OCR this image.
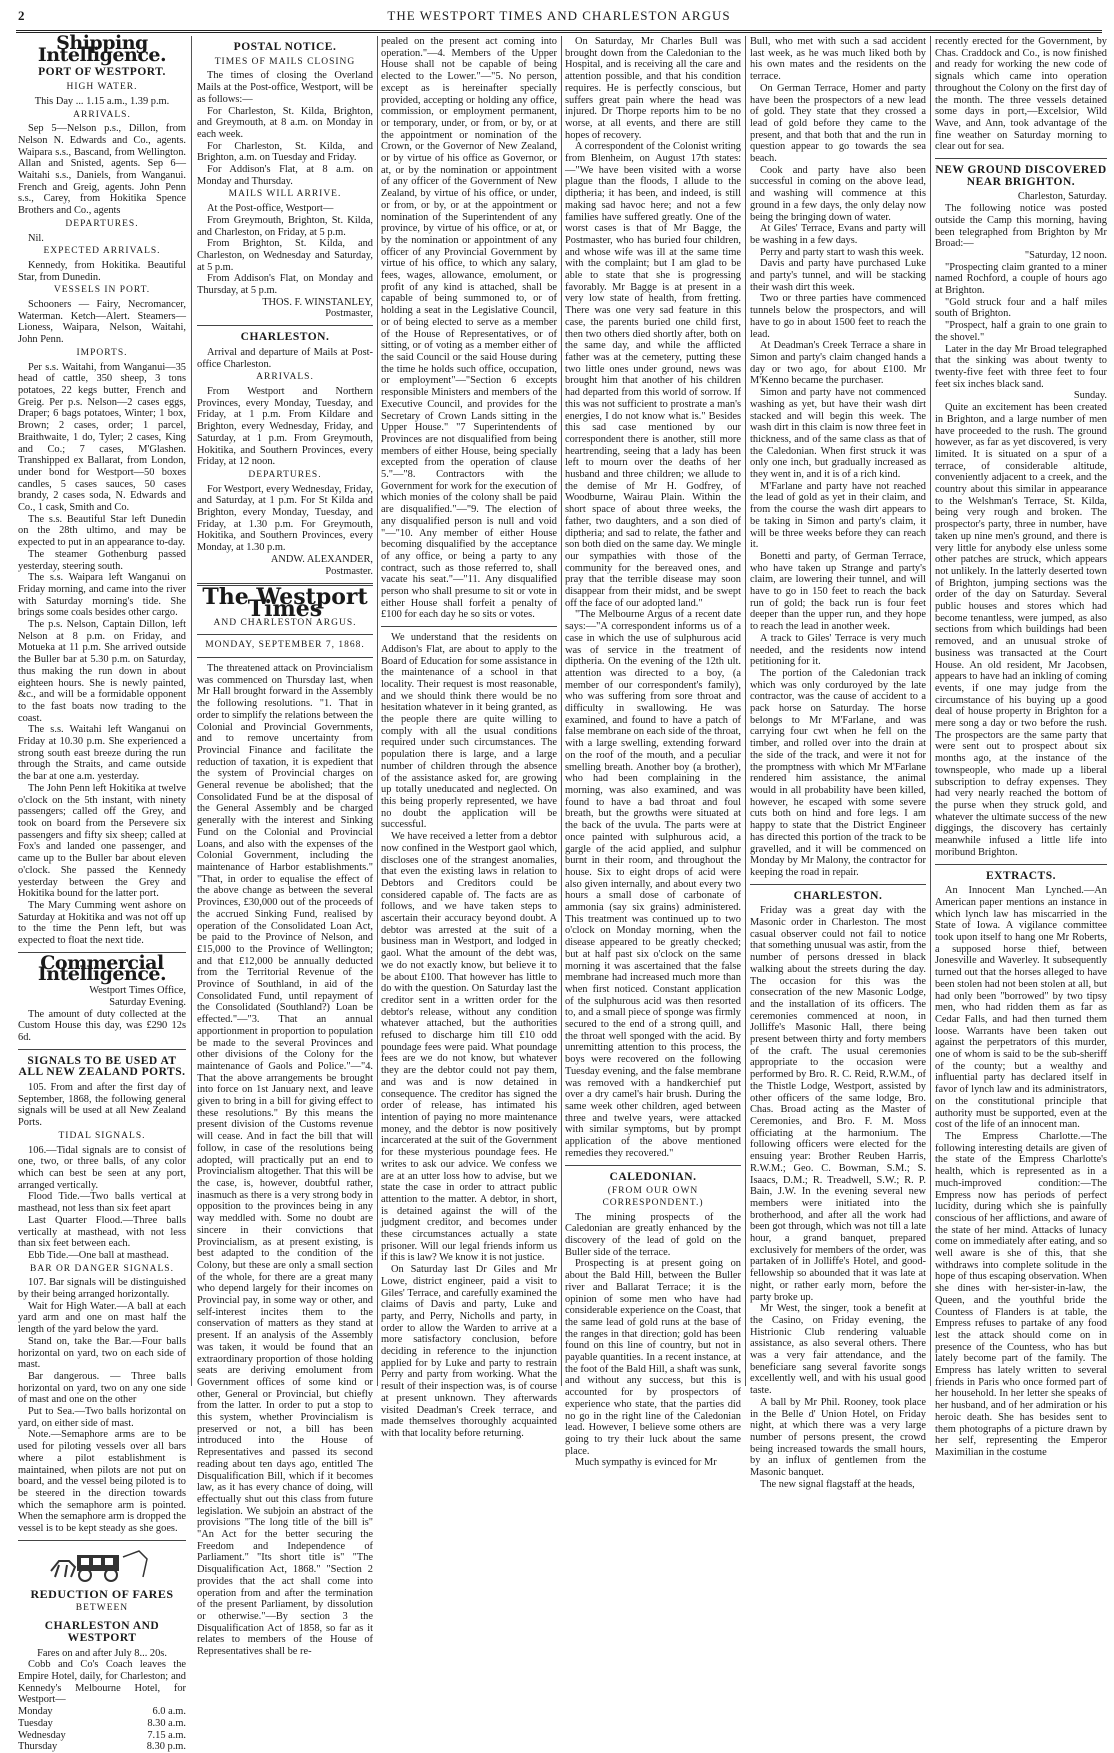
2	THE WESTPORT TIMES AND CHARLESTON ARGUS
Shipping Intelligence.
PORT OF WESTPORT.
HIGH WATER.

This Day ... 1.15 a.m., 1.39 p.m.

ARRIVALS.

Sep 5—Nelson p.s., Dillon, from Nelson N. Edwards and Co., agents. Waipara s.s., Bascand, from Wellington. Allan and Snisted, agents. Sep 6—Waitahi s.s., Daniels, from Wanganui. French and Greig, agents. John Penn s.s., Carey, from Hokitika Spence Brothers and Co., agents

DEPARTURES.

Nil.

EXPECTED ARRIVALS.

Kennedy, from Hokitika. Beautiful Star, from Dunedin.

VESSELS IN PORT.

Schooners — Fairy, Necromancer, Waterman. Ketch—Alert. Steamers—Lioness, Waipara, Nelson, Waitahi, John Penn.

IMPORTS.

Per s.s. Waitahi, from Wanganui—35 head of cattle, 350 sheep, 3 tons potatoes, 22 kegs butter, French and Greig. Per p.s. Nelson—2 cases eggs, Draper; 6 bags potatoes, Winter; 1 box, Brown; 2 cases, order; 1 parcel, Braithwaite, 1 do, Tyler; 2 cases, King and Co.; 7 cases, M'Glashen. Transhipped ex Ballarat, from London, under bond for Westport—50 boxes candles, 5 cases sauces, 50 cases brandy, 2 cases soda, N. Edwards and Co., 1 cask, Smith and Co.

The s.s. Beautiful Star left Dunedin on the 28th ultimo, and may be expected to put in an appearance to-day.

The steamer Gothenburg passed yesterday, steering south.

The s.s. Waipara left Wanganui on Friday morning, and came into the river with Saturday morning's tide. She brings some coals besides other cargo.

The p.s. Nelson, Captain Dillon, left Nelson at 8 p.m. on Friday, and Motueka at 11 p.m. She arrived outside the Buller bar at 5.30 p.m. on Saturday, thus making the run down in about eighteen hours. She is newly painted, &c., and will be a formidable opponent to the fast boats now trading to the coast.

The s.s. Waitahi left Wanganui on Friday at 10.30 p.m. She experienced a strong south east breeze during the run through the Straits, and came outside the bar at one a.m. yesterday.

The John Penn left Hokitika at twelve o'clock on the 5th instant, with ninety passengers; called off the Grey, and took on board from the Persevere six passengers and fifty six sheep; called at Fox's and landed one passenger, and came up to the Buller bar about eleven o'clock. She passed the Kennedy yesterday between the Grey and Hokitika bound for the latter port.

The Mary Cumming went ashore on Saturday at Hokitika and was not off up to the time the Penn left, but was expected to float the next tide.

Commercial Intelligence.

Westport Times Office,

Saturday Evening.

The amount of duty collected at the Custom House this day, was £290 12s 6d.

SIGNALS TO BE USED AT ALL NEW ZEALAND PORTS.

105. From and after the first day of September, 1868, the following general signals will be used at all New Zealand Ports.

TIDAL SIGNALS.

106.—Tidal signals are to consist of one, two, or three balls, of any color which can best be seen at any port, arranged vertically.

Flood Tide.—Two balls vertical at masthead, not less than six feet apart

Last Quarter Flood.—Three balls vertically at masthead, with not less than six feet between each.

Ebb Tide.—One ball at masthead.

BAR OR DANGER SIGNALS.

107. Bar signals will be distinguished by their being arranged horizontally.

Wait for High Water.—A ball at each yard arm and one on mast half the length of the yard below the yard.

Stand on, take the Bar.—Four balls horizontal on yard, two on each side of mast.

Bar dangerous. — Three balls horizontal on yard, two on any one side of mast and one on the other

Put to Sea.—Two balls horizontal on yard, on either side of mast.

Note.—Semaphore arms are to be used for piloting vessels over all bars where a pilot establishment is maintained, when pilots are not put on board, and the vessel being piloted is to be steered in the direction towards which the semaphore arm is pointed. When the semaphore arm is dropped the vessel is to be kept steady as she goes.

REDUCTION OF FARES
BETWEEN
CHARLESTON AND WESTPORT

Fares on and after July 8... 20s.

Cobb and Co's Coach leaves the Empire Hotel, daily, for Charleston; and Kennedy's Melbourne Hotel, for Westport—

Monday	6.0 a.m.
Tuesday	8.30 a.m.
Wednesday	7.15 a.m.
Thursday	8.30 p.m.
POSTAL NOTICE.
TIMES OF MAILS CLOSING

The times of closing the Overland Mails at the Post-office, Westport, will be as follows:—

For Charleston, St. Kilda, Brighton, and Greymouth, at 8 a.m. on Monday in each week.

For Charleston, St. Kilda, and Brighton, a.m. on Tuesday and Friday.

For Addison's Flat, at 8 a.m. on Monday and Thursday.

MAILS WILL ARRIVE.

At the Post-office, Westport—

From Greymouth, Brighton, St. Kilda, and Charleston, on Friday, at 5 p.m.

From Brighton, St. Kilda, and Charleston, on Wednesday and Saturday, at 5 p.m.

From Addison's Flat, on Monday and Thursday, at 5 p.m.

THOS. F. WINSTANLEY,

Postmaster,

CHARLESTON.

Arrival and departure of Mails at Post-office Charleston.

ARRIVALS.

From Westport and Northern Provinces, every Monday, Tuesday, and Friday, at 1 p.m. From Kildare and Brighton, every Wednesday, Friday, and Saturday, at 1 p.m. From Greymouth, Hokitika, and Southern Provinces, every Friday, at 12 noon.

DEPARTURES.

For Westport, every Wednesday, Friday, and Saturday, at 1 p.m. For St Kilda and Brighton, every Monday, Tuesday, and Friday, at 1.30 p.m. For Greymouth, Hokitika, and Southern Provinces, every Monday, at 1.30 p.m.

ANDW. ALEXANDER,

Postmaster.

The Westport Times
AND CHARLESTON ARGUS.
MONDAY, SEPTEMBER 7, 1868.

The threatened attack on Provincialism was commenced on Thursday last, when Mr Hall brought forward in the Assembly the following resolutions. "1. That in order to simplify the relations between the Colonial and Provincial Governments, and to remove uncertainty from Provincial Finance and facilitate the reduction of taxation, it is expedient that the system of Provincial charges on General revenue be abolished; that the Consolidated Fund be at the disposal of the General Assembly and be charged generally with the interest and Sinking Fund on the Colonial and Provincial Loans, and also with the expenses of the Colonial Government, including the maintenance of Harbor establishments." "That, in order to equalise the effect of the above change as between the several Provinces, £30,000 out of the proceeds of the accrued Sinking Fund, realised by operation of the Consolidated Loan Act, be paid to the Province of Nelson, and £15,000 to the Province of Wellington; and that £12,000 be annually deducted from the Territorial Revenue of the Province of Southland, in aid of the Consolidated Fund, until repayment of the Consolidated (Southland?) Loan be effected."—"3. That an annual apportionment in proportion to population be made to the several Provinces and other divisions of the Colony for the maintenance of Gaols and Police."—"4. That the above arrangements be brought into force on 1st January next, and leave given to bring in a bill for giving effect to these resolutions." By this means the present division of the Customs revenue will cease. And in fact the bill that will follow, in case of the resolutions being adopted, will practically put an end to Provincialism altogether. That this will be the case, is, however, doubtful rather, inasmuch as there is a very strong body in opposition to the provinces being in any way meddled with. Some no doubt are sincere in their convictions that Provincialism, as at present existing, is best adapted to the condition of the Colony, but these are only a small section of the whole, for there are a great many who depend largely for their incomes on Provincial pay, in some way or other, and self-interest incites them to the conservation of matters as they stand at present. If an analysis of the Assembly was taken, it would be found that an extraordinary proportion of those holding seats are deriving emolument from Government offices of some kind or other, General or Provincial, but chiefly from the latter. In order to put a stop to this system, whether Provincialism is preserved or not, a bill has been introduced into the House of Representatives and passed its second reading about ten days ago, entitled The Disqualification Bill, which if it becomes law, as it has every chance of doing, will effectually shut out this class from future legislation. We subjoin an abstract of the provisions "The long title of the bill is" "An Act for the better securing the Freedom and Independence of Parliament." "Its short title is" "The Disqualification Act, 1868." "Section 2 provides that the act shall come into operation from and after the termination of the present Parliament, by dissolution or otherwise."—By section 3 the Disqualification Act of 1858, so far as it relates to members of the House of Representatives shall be re-

pealed on the present act coming into operation."—4. Members of the Upper House shall not be capable of being elected to the Lower."—"5. No person, except as is hereinafter specially provided, accepting or holding any office, commission, or employment permanent, or temporary, under, or from, or by, or at the appointment or nomination of the Crown, or the Governor of New Zealand, or by virtue of his office as Governor, or at, or by the nomination or appointment of any officer of the Government of New Zealand, by virtue of his office, or under, or from, or by, or at the appointment or nomination of the Superintendent of any province, by virtue of his office, or at, or by the nomination or appointment of any officer of any Provincial Government by virtue of his office, to which any salary, fees, wages, allowance, emolument, or profit of any kind is attached, shall be capable of being summoned to, or of holding a seat in the Legislative Council, or of being elected to serve as a member of the House of Representatives, or of sitting, or of voting as a member either of the said Council or the said House during the time he holds such office, occupation, or employment"—"Section 6 excepts responsible Ministers and members of the Executive Council, and provides for the Secretary of Crown Lands sitting in the Upper House." "7 Superintendents of Provinces are not disqualified from being members of either House, being specially excepted from the operation of clause 5."—"8. Contractors with the Government for work for the execution of which monies of the colony shall be paid are disqualified."—"9. The election of any disqualified person is null and void "—"10. Any member of either House becoming disqualified by the acceptance of any office, or being a party to any contract, such as those referred to, shall vacate his seat."—"11. Any disqualified person who shall presume to sit or vote in either House shall forfeit a penalty of £100 for each day he so sits or votes.

We understand that the residents on Addison's Flat, are about to apply to the Board of Education for some assistance in the maintenance of a school in that locality. Their request is most reasonable, and we should think there would be no hesitation whatever in it being granted, as the people there are quite willing to comply with all the usual conditions required under such circumstances. The population there is large, and a large number of children through the absence of the assistance asked for, are growing up totally uneducated and neglected. On this being properly represented, we have no doubt the application will be successful.

We have received a letter from a debtor now confined in the Westport gaol which, discloses one of the strangest anomalies, that even the existing laws in relation to Debtors and Creditors could be considered capable of. The facts are as follows, and we have taken steps to ascertain their accuracy beyond doubt. A debtor was arrested at the suit of a business man in Westport, and lodged in gaol. What the amount of the debt was, we do not exactly know, but believe it to be about £100. That however has little to do with the question. On Saturday last the creditor sent in a written order for the debtor's release, without any condition whatever attached, but the authorities refused to discharge him till £10 odd poundage fees were paid. What poundage fees are we do not know, but whatever they are the debtor could not pay them, and was and is now detained in consequence. The creditor has signed the order of release, has intimated his intention of paying no more maintenance money, and the debtor is now positively incarcerated at the suit of the Government for these mysterious poundage fees. He writes to ask our advice. We confess we are at an utter loss how to advise, but we state the case in order to attract public attention to the matter. A debtor, in short, is detained against the will of the judgment creditor, and becomes under these circumstances actually a state prisoner. Will our legal friends inform us if this is law? We know it is not justice.

On Saturday last Dr Giles and Mr Lowe, district engineer, paid a visit to Giles' Terrace, and carefully examined the claims of Davis and party, Luke and party, and Perry, Nicholls and party, in order to allow the Warden to arrive at a more satisfactory conclusion, before deciding in reference to the injunction applied for by Luke and party to restrain Perry and party from working. What the result of their inspection was, is of course at present unknown. They afterwards visited Deadman's Creek terrace, and made themselves thoroughly acquainted with that locality before returning.

On Saturday, Mr Charles Bull was brought down from the Caledonian to the Hospital, and is receiving all the care and attention possible, and that his condition requires. He is perfectly conscious, but suffers great pain where the head was injured. Dr Thorpe reports him to be no worse, at all events, and there are still hopes of recovery.

A correspondent of the Colonist writing from Blenheim, on August 17th states:—"We have been visited with a worse plague than the floods, I allude to the diptheria; it has been, and indeed, is still making sad havoc here; and not a few families have suffered greatly. One of the worst cases is that of Mr Bagge, the Postmaster, who has buried four children, and whose wife was ill at the same time with the complaint; but I am glad to be able to state that she is progressing favorably. Mr Bagge is at present in a very low state of health, from fretting. There was one very sad feature in this case, the parents buried one child first, then two others died shortly after, both on the same day, and while the afflicted father was at the cemetery, putting these two little ones under ground, news was brought him that another of his children had departed from this world of sorrow. If this was not sufficient to prostrate a man's energies, I do not know what is." Besides this sad case mentioned by our correspondent there is another, still more heartrending, seeing that a lady has been left to mourn over the deaths of her husband and three children; we allude to the demise of Mr H. Godfrey, of Woodburne, Wairau Plain. Within the short space of about three weeks, the father, two daughters, and a son died of diptheria; and sad to relate, the father and son both died on the same day. We mingle our sympathies with those of the community for the bereaved ones, and pray that the terrible disease may soon disappear from their midst, and be swept off the face of our adopted land."

"The Melbourne Argus of a recent date says:—"A correspondent informs us of a case in which the use of sulphurous acid was of service in the treatment of diptheria. On the evening of the 12th ult. attention was directed to a boy, (a member of our correspondent's family), who was suffering from sore throat and difficulty in swallowing. He was examined, and found to have a patch of false membrane on each side of the throat, with a large swelling, extending forward on the roof of the mouth, and a peculiar smelling breath. Another boy (a brother), who had been complaining in the morning, was also examined, and was found to have a bad throat and foul breath, but the growths were situated at the back of the uvula. The parts were at once painted with sulphurous acid, a gargle of the acid applied, and sulphur burnt in their room, and throughout the house. Six to eight drops of acid were also given internally, and about every two hours a small dose of carbonate of ammonia (say six grains) administered. This treatment was continued up to two o'clock on Monday morning, when the disease appeared to be greatly checked; but at half past six o'clock on the same morning it was ascertained that the false membrane had increased much more than when first noticed. Constant application of the sulphurous acid was then resorted to, and a small piece of sponge was firmly secured to the end of a strong quill, and the throat well sponged with the acid. By unremitting attention to this process, the boys were recovered on the following Tuesday evening, and the false membrane was removed with a handkerchief put over a dry camel's hair brush. During the same week other children, aged between three and twelve years, were attacked with similar symptoms, but by prompt application of the above mentioned remedies they recovered."

CALEDONIAN.
(FROM OUR OWN CORRESPONDENT.)

The mining prospects of the Caledonian are greatly enhanced by the discovery of the lead of gold on the Buller side of the terrace.

Prospecting is at present going on about the Bald Hill, between the Buller river and Ballarat Terrace; it is the opinion of some men who have had considerable experience on the Coast, that the same lead of gold runs at the base of the ranges in that direction; gold has been found on this line of country, but not in payable quantities. In a recent instance, at the foot of the Bald Hill, a shaft was sunk, and without any success, but this is accounted for by prospectors of experience who state, that the parties did no go in the right line of the Caledonian lead. However, I believe some others are going to try their luck about the same place.

Much sympathy is evinced for Mr

Bull, who met with such a sad accident last week, as he was much liked both by his own mates and the residents on the terrace.

On German Terrace, Homer and party have been the prospectors of a new lead of gold. They state that they crossed a lead of gold before they came to the present, and that both that and the run in question appear to go towards the sea beach.

Cook and party have also been successful in coming on the above lead, and washing will commence at this ground in a few days, the only delay now being the bringing down of water.

At Giles' Terrace, Evans and party will be washing in a few days.

Perry and party start to wash this week.

Davis and party have purchased Luke and party's tunnel, and will be stacking their wash dirt this week.

Two or three parties have commenced tunnels below the prospectors, and will have to go in about 1500 feet to reach the lead.

At Deadman's Creek Terrace a share in Simon and party's claim changed hands a day or two ago, for about £100. Mr M'Kenno became the purchaser.

Simon and party have not commenced washing as yet, but have their wash dirt stacked and will begin this week. The wash dirt in this claim is now three feet in thickness, and of the same class as that of the Caledonian. When first struck it was only one inch, but gradually increased as they went in, and it is of a rich kind.

M'Farlane and party have not reached the lead of gold as yet in their claim, and from the course the wash dirt appears to be taking in Simon and party's claim, it will be three weeks before they can reach it.

Bonetti and party, of German Terrace, who have taken up Strange and party's claim, are lowering their tunnel, and will have to go in 150 feet to reach the back run of gold; the back run is four feet deeper than the upper run, and they hope to reach the lead in another week.

A track to Giles' Terrace is very much needed, and the residents now intend petitioning for it.

The portion of the Caledonian track which was only corduroyed by the late contractor, was the cause of accident to a pack horse on Saturday. The horse belongs to Mr M'Farlane, and was carrying four cwt when he fell on the timber, and rolled over into the drain at the side of the track, and were it not for the promptness with which Mr M'Farlane rendered him assistance, the animal would in all probability have been killed, however, he escaped with some severe cuts both on hind and fore legs. I am happy to state that the District Engineer has directed this portion of the track to be gravelled, and it will be commenced on Monday by Mr Malony, the contractor for keeping the road in repair.

CHARLESTON.

Friday was a great day with the Masonic order in Charleston. The most casual observer could not fail to notice that something unusual was astir, from the number of persons dressed in black walking about the streets during the day. The occasion for this was the consecration of the new Masonic Lodge, and the installation of its officers. The ceremonies commenced at noon, in Jolliffe's Masonic Hall, there being present between thirty and forty members of the craft. The usual ceremonies appropriate to the occasion were performed by Bro. R. C. Reid, R.W.M., of the Thistle Lodge, Westport, assisted by other officers of the same lodge, Bro. Chas. Broad acting as the Master of Ceremonies, and Bro. F. M. Moss officiating at the harmonium. The following officers were elected for the ensuing year: Brother Reuben Harris, R.W.M.; Geo. C. Bowman, S.M.; S. Isaacs, D.M.; R. Treadwell, S.W.; R. P. Bain, J.W. In the evening several new members were initiated into the brotherhood, and after all the work had been got through, which was not till a late hour, a grand banquet, prepared exclusively for members of the order, was partaken of in Jolliffe's Hotel, and good-fellowship so abounded that it was late at night, or rather early morn, before the party broke up.

Mr West, the singer, took a benefit at the Casino, on Friday evening, the Histrionic Club rendering valuable assistance, as also several others. There was a very fair attendance, and the beneficiare sang several favorite songs excellently well, and with his usual good taste.

A ball by Mr Phil. Rooney, took place in the Belle d' Union Hotel, on Friday night, at which there was a very large number of persons present, the crowd being increased towards the small hours, by an influx of gentlemen from the Masonic banquet.

The new signal flagstaff at the heads,

recently erected for the Government, by Chas. Craddock and Co., is now finished and ready for working the new code of signals which came into operation throughout the Colony on the first day of the month. The three vessels detained some days in port,—Excelsior, Wild Wave, and Ann, took advantage of the fine weather on Saturday morning to clear out for sea.

NEW GROUND DISCOVERED NEAR BRIGHTON.

Charleston, Saturday.

The following notice was posted outside the Camp this morning, having been telegraphed from Brighton by Mr Broad:—

"Saturday, 12 noon.

"Prospecting claim granted to a miner named Rochford, a couple of hours ago at Brighton.

"Gold struck four and a half miles south of Brighton.

"Prospect, half a grain to one grain to the shovel."

Later in the day Mr Broad telegraphed that the sinking was about twenty to twenty-five feet with three feet to four feet six inches black sand.

Sunday.

Quite an excitement has been created in Brighton, and a large number of men have proceeded to the rush. The ground however, as far as yet discovered, is very limited. It is situated on a spur of a terrace, of considerable altitude, conveniently adjacent to a creek, and the country about this similar in appearance to the Welshman's Terrace, St. Kilda, being very rough and broken. The prospector's party, three in number, have taken up nine men's ground, and there is very little for anybody else unless some other patches are struck, which appears not unlikely. In the latterly deserted town of Brighton, jumping sections was the order of the day on Saturday. Several public houses and stores which had become tenantless, were jumped, as also sections from which buildings had been removed, and an unusual stroke of business was transacted at the Court House. An old resident, Mr Jacobsen, appears to have had an inkling of coming events, if one may judge from the circumstance of his buying up a good deal of house property in Brighton for a mere song a day or two before the rush. The prospectors are the same party that were sent out to prospect about six months ago, at the instance of the townspeople, who made up a liberal subscription to defray expenses. They had very nearly reached the bottom of the purse when they struck gold, and whatever the ultimate success of the new diggings, the discovery has certainly meanwhile infused a little life into moribund Brighton.

EXTRACTS.

An Innocent Man Lynched.—An American paper mentions an instance in which lynch law has miscarried in the State of Iowa. A vigilance committee took upon itself to hang one Mr Roberts, a supposed horse thief, between Jonesville and Waverley. It subsequently turned out that the horses alleged to have been stolen had not been stolen at all, but had only been "borrowed" by two tipsy men, who had ridden them as far as Cedar Falls, and had then turned them loose. Warrants have been taken out against the perpetrators of this murder, one of whom is said to be the sub-sheriff of the county; but a wealthy and influential party has declared itself in favor of lynch law and its administrators, on the constitutional principle that authority must be supported, even at the cost of the life of an innocent man.

The Empress Charlotte.—The following interesting details are given of the state of the Empress Charlotte's health, which is represented as in a much-improved condition:—The Empress now has periods of perfect lucidity, during which she is painfully conscious of her afflictions, and aware of the state of her mind. Attacks of lunacy come on immediately after eating, and so well aware is she of this, that she withdraws into complete solitude in the hope of thus escaping observation. When she dines with her-sister-in-law, the Queen, and the youthful bride the Countess of Flanders is at table, the Empress refuses to partake of any food lest the attack should come on in presence of the Countess, who has but lately become part of the family. The Empress has lately written to several friends in Paris who once formed part of her household. In her letter she speaks of her husband, and of her admiration or his heroic death. She has besides sent to them photographs of a picture drawn by her self, representing the Emperor Maximilian in the costume
